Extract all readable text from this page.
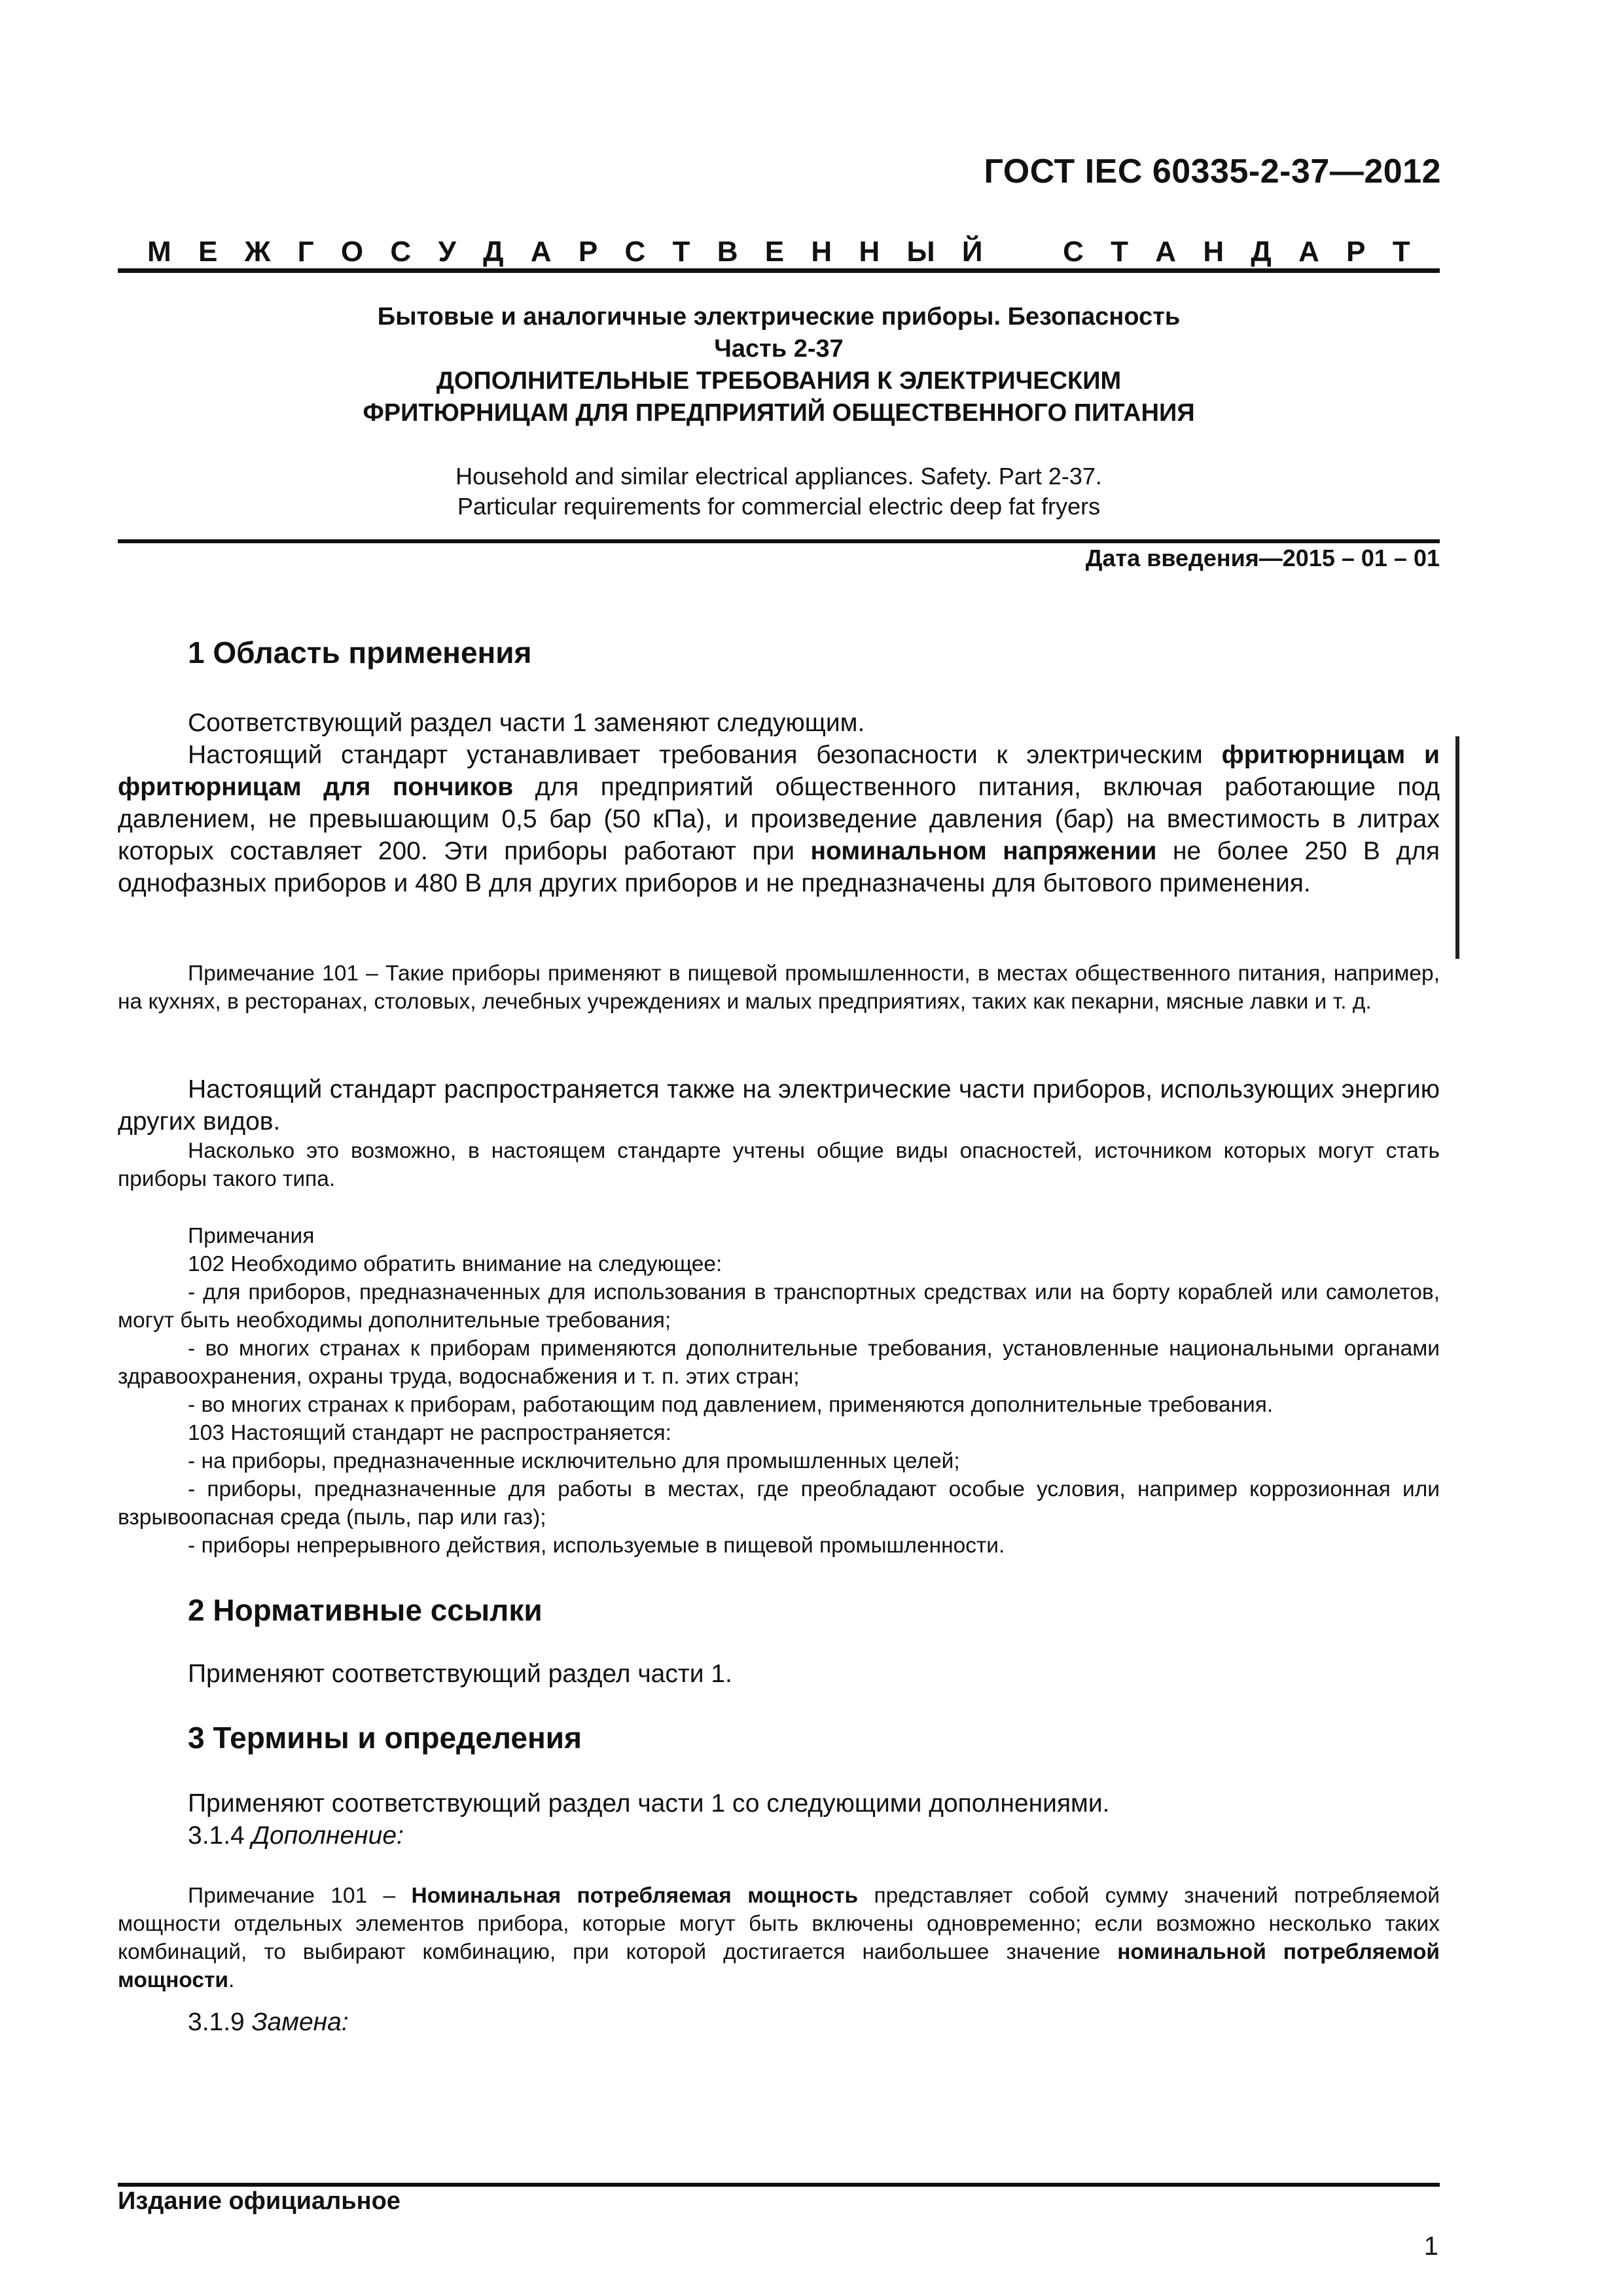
ГОСТ IEC 60335-2-37—2012
М Е Ж Г О С У Д А Р С Т В Е Н Н Ы Й	С Т А Н Д А Р Т
Бытовые и аналогичные электрические приборы. Безопасность
Часть 2-37
ДОПОЛНИТЕЛЬНЫЕ ТРЕБОВАНИЯ К ЭЛЕКТРИЧЕСКИМ
ФРИТЮРНИЦАМ ДЛЯ ПРЕДПРИЯТИЙ ОБЩЕСТВЕННОГО ПИТАНИЯ
Household and similar electrical appliances. Safety. Part 2-37.
Particular requirements for commercial electric deep fat fryers
Дата введения—2015 – 01 – 01
1 Область применения

Соответствующий раздел части 1 заменяют следующим.

Настоящий стандарт устанавливает требования безопасности к электрическим фритюрницам и фритюрницам для пончиков для предприятий общественного питания, включая работающие под давлением, не превышающим 0,5 бар (50 кПа), и произведение давления (бар) на вместимость в литрах которых составляет 200. Эти приборы работают при номинальном напряжении не более 250 В для однофазных приборов и 480 В для других приборов и не предназначены для бытового применения.

Примечание 101 – Такие приборы применяют в пищевой промышленности, в местах общественного питания, например, на кухнях, в ресторанах, столовых, лечебных учреждениях и малых предприятиях, таких как пекарни, мясные лавки и т. д.

Настоящий стандарт распространяется также на электрические части приборов, использующих энергию других видов.

Насколько это возможно, в настоящем стандарте учтены общие виды опасностей, источником которых могут стать приборы такого типа.

Примечания

102 Необходимо обратить внимание на следующее:

- для приборов, предназначенных для использования в транспортных средствах или на борту кораблей или самолетов, могут быть необходимы дополнительные требования;

- во многих странах к приборам применяются дополнительные требования, установленные национальными органами здравоохранения, охраны труда, водоснабжения и т. п. этих стран;

- во многих странах к приборам, работающим под давлением, применяются дополнительные требования.

103 Настоящий стандарт не распространяется:

- на приборы, предназначенные исключительно для промышленных целей;

- приборы, предназначенные для работы в местах, где преобладают особые условия, например коррозионная или взрывоопасная среда (пыль, пар или газ);

- приборы непрерывного действия, используемые в пищевой промышленности.

2 Нормативные ссылки

Применяют соответствующий раздел части 1.

3 Термины и определения

Применяют соответствующий раздел части 1 со следующими дополнениями.

3.1.4 Дополнение:

Примечание 101 – Номинальная потребляемая мощность представляет собой сумму значений потребляемой мощности отдельных элементов прибора, которые могут быть включены одновременно; если возможно несколько таких комбинаций, то выбирают комбинацию, при которой достигается наибольшее значение номинальной потребляемой мощности.

3.1.9 Замена:

Издание официальное
1
